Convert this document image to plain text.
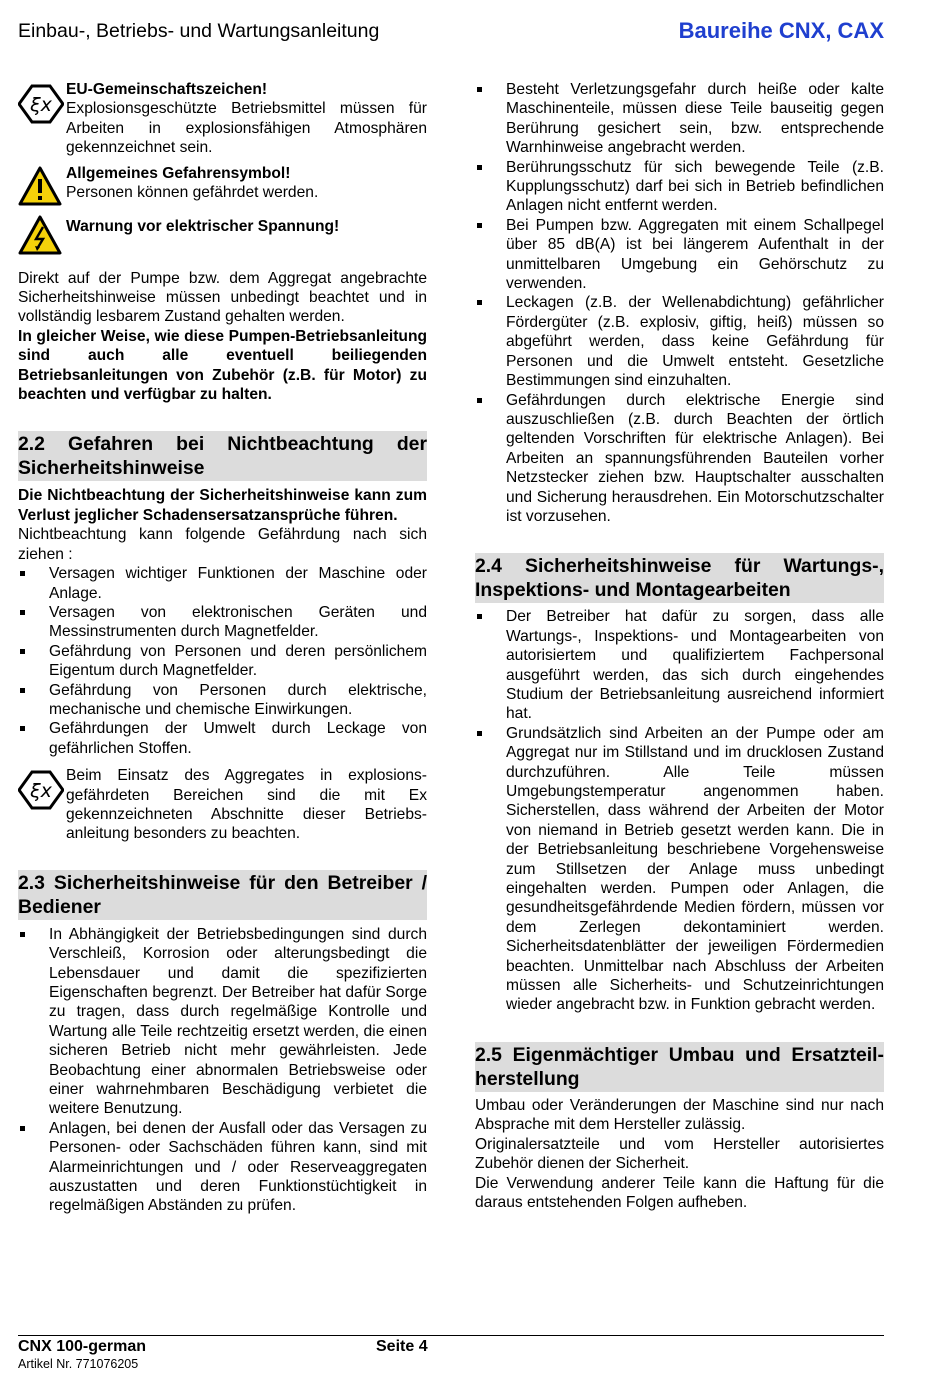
Einbau-, Betriebs- und Wartungsanleitung	Baureihe CNX, CAX
ξx

EU-Gemeinschaftszeichen!

Explosionsgeschützte Betriebsmittel müssen für Arbeiten in explosionsfähigen Atmosphären gekennzeichnet sein.

Allgemeines Gefahrensymbol!

Personen können gefährdet werden.

Warnung vor elektrischer Spannung!

Direkt auf der Pumpe bzw. dem Aggregat angebrachte Sicherheitshinweise müssen unbedingt beachtet und in vollständig lesbarem Zustand gehalten werden.

In gleicher Weise, wie diese Pumpen-Betriebsanleitung sind auch alle eventuell beiliegenden Betriebsanleitungen von Zubehör (z.B. für Motor) zu beachten und verfügbar zu halten.

2.2 Gefahren bei Nichtbeachtung der Sicherheitshinweise

Die Nichtbeachtung der Sicherheitshinweise kann zum Verlust jeglicher Schadensersatzansprüche führen.

Nichtbeachtung kann folgende Gefährdung nach sich ziehen :

Versagen wichtiger Funktionen der Maschine oder Anlage.
Versagen von elektronischen Geräten und Messinstrumenten durch Magnetfelder.
Gefährdung von Personen und deren persönlichem Eigentum durch Magnetfelder.
Gefährdung von Personen durch elektrische, mechanische und chemische Einwirkungen.
Gefährdungen der Umwelt durch Leckage von gefährlichen Stoffen.
ξx

Beim Einsatz des Aggregates in explosions-gefährdeten Bereichen sind die mit Ex gekennzeichneten Abschnitte dieser Betriebs-anleitung besonders zu beachten.

2.3 Sicherheitshinweise für den Betreiber / Bediener
In Abhängigkeit der Betriebsbedingungen sind durch Verschleiß, Korrosion oder alterungsbedingt die Lebensdauer und damit die spezifizierten Eigenschaften begrenzt. Der Betreiber hat dafür Sorge zu tragen, dass durch regelmäßige Kontrolle und Wartung alle Teile rechtzeitig ersetzt werden, die einen sicheren Betrieb nicht mehr gewährleisten. Jede Beobachtung einer abnormalen Betriebsweise oder einer wahrnehmbaren Beschädigung verbietet die weitere Benutzung.
Anlagen, bei denen der Ausfall oder das Versagen zu Personen- oder Sachschäden führen kann, sind mit Alarmeinrichtungen und / oder Reserveaggregaten auszustatten und deren Funktionstüchtigkeit in regelmäßigen Abständen zu prüfen.
Besteht Verletzungsgefahr durch heiße oder kalte Maschinenteile, müssen diese Teile bauseitig gegen Berührung gesichert sein, bzw. entsprechende Warnhinweise angebracht werden.
Berührungsschutz für sich bewegende Teile (z.B. Kupplungsschutz) darf bei sich in Betrieb befindlichen Anlagen nicht entfernt werden.
Bei Pumpen bzw. Aggregaten mit einem Schallpegel über 85 dB(A) ist bei längerem Aufenthalt in der unmittelbaren Umgebung ein Gehörschutz zu verwenden.
Leckagen (z.B. der Wellenabdichtung) gefährlicher Fördergüter (z.B. explosiv, giftig, heiß) müssen so abgeführt werden, dass keine Gefährdung für Personen und die Umwelt entsteht. Gesetzliche Bestimmungen sind einzuhalten.
Gefährdungen durch elektrische Energie sind auszuschließen (z.B. durch Beachten der örtlich geltenden Vorschriften für elektrische Anlagen). Bei Arbeiten an spannungsführenden Bauteilen vorher Netzstecker ziehen bzw. Hauptschalter ausschalten und Sicherung herausdrehen. Ein Motorschutzschalter ist vorzusehen.
2.4 Sicherheitshinweise für Wartungs-, Inspektions- und Montagearbeiten
Der Betreiber hat dafür zu sorgen, dass alle Wartungs-, Inspektions- und Montagearbeiten von autorisiertem und qualifiziertem Fachpersonal ausgeführt werden, das sich durch eingehendes Studium der Betriebsanleitung ausreichend informiert hat.
Grundsätzlich sind Arbeiten an der Pumpe oder am Aggregat nur im Stillstand und im drucklosen Zustand durchzuführen. Alle Teile müssen Umgebungstemperatur angenommen haben. Sicherstellen, dass während der Arbeiten der Motor von niemand in Betrieb gesetzt werden kann. Die in der Betriebsanleitung beschriebene Vorgehensweise zum Stillsetzen der Anlage muss unbedingt eingehalten werden. Pumpen oder Anlagen, die gesundheitsgefährdende Medien fördern, müssen vor dem Zerlegen dekontaminiert werden. Sicherheitsdatenblätter der jeweiligen Fördermedien beachten. Unmittelbar nach Abschluss der Arbeiten müssen alle Sicherheits- und Schutzeinrichtungen wieder angebracht bzw. in Funktion gebracht werden.
2.5 Eigenmächtiger Umbau und Ersatzteil-herstellung

Umbau oder Veränderungen der Maschine sind nur nach Absprache mit dem Hersteller zulässig.

Originalersatzteile und vom Hersteller autorisiertes Zubehör dienen der Sicherheit.

Die Verwendung anderer Teile kann die Haftung für die daraus entstehenden Folgen aufheben.

CNX 100-german	Seite 4
Artikel Nr. 771076205
